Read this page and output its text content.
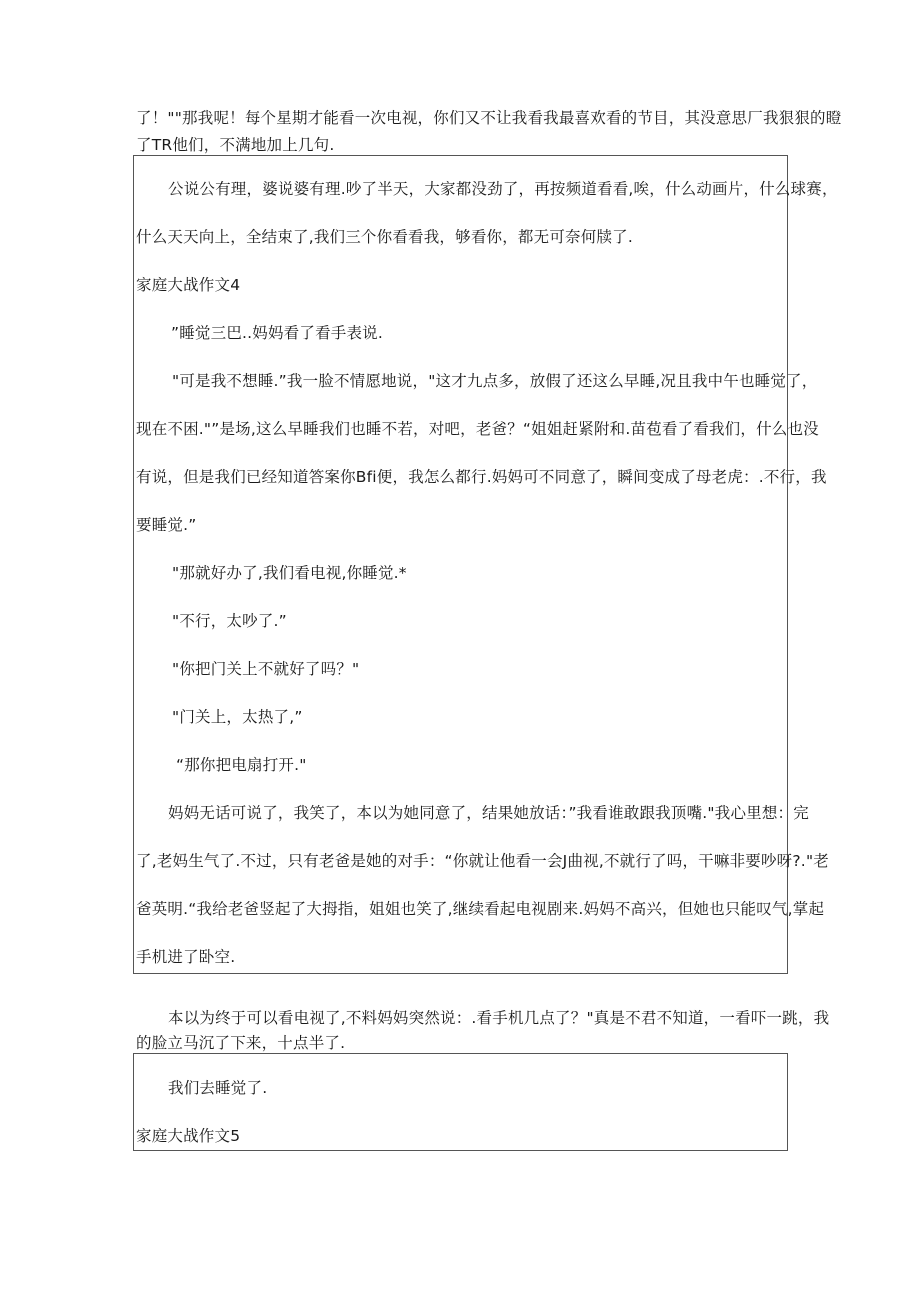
了！""那我呢！每个星期才能看一次电视，你们又不让我看我最喜欢看的节目，其没意思厂我狠狠的瞪
了TR他们，不满地加上几句.
公说公有理，婆说婆有理.吵了半天，大家都没劲了，再按频道看看,唉，什么动画片，什么球赛，
什么天天向上，全结束了,我们三个你看看我，够看你，都无可奈何牍了.
家庭大战作文4
”睡觉三巴..妈妈看了看手表说.
"可是我不想睡.”我一脸不情愿地说，"这才九点多，放假了还这么早睡,况且我中午也睡觉了，
现在不困."”是场,这么早睡我们也睡不若，对吧，老爸？“姐姐赶紧附和.苗苞看了看我们，什么也没
有说，但是我们已经知道答案你Bfi便，我怎么都行.妈妈可不同意了，瞬间变成了母老虎：.不行，我
要睡觉.”
"那就好办了,我们看电视,你睡觉.*
"不行，太吵了.”
"你把门关上不就好了吗？"
"门关上，太热了,”
“那你把电扇打开."
妈妈无话可说了，我笑了，本以为她同意了，结果她放话：”我看谁敢跟我顶嘴."我心里想：完
了,老妈生气了.不过，只有老爸是她的对手：“你就让他看一会J曲视,不就行了吗，干嘛非要吵呀?."老
爸英明.“我给老爸竖起了大拇指，姐姐也笑了,继续看起电视剧来.妈妈不高兴，但她也只能叹气,掌起
手机进了卧空.
本以为终于可以看电视了,不料妈妈突然说：.看手机几点了？"真是不君不知道，一看吓一跳，我
的脸立马沉了下来，十点半了.
我们去睡觉了.
家庭大战作文5
